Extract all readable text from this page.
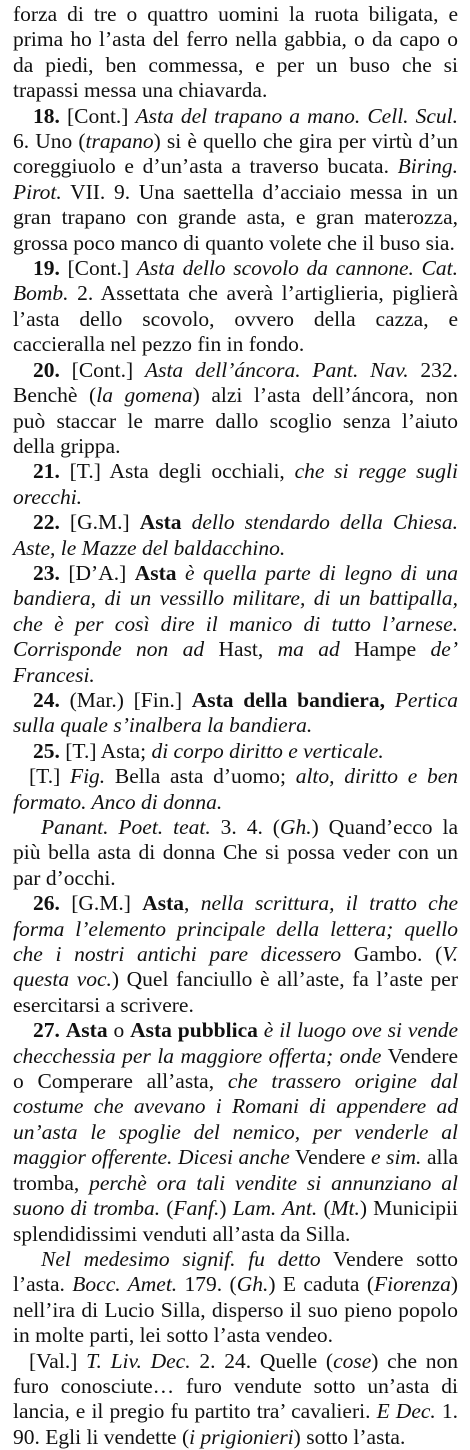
forza di tre o quattro uomini la ruota biligata, e prima ho l’asta del ferro nella gabbia, o da capo o da piedi, ben commessa, e per un buso che si trapassi messa una chiavarda.

18. [Cont.] Asta del trapano a mano. Cell. Scul. 6. Uno (trapano) si è quello che gira per virtù d’un coreggiuolo e d’un’asta a traverso bucata. Biring. Pirot. VII. 9. Una saettella d’acciaio messa in un gran trapano con grande asta, e gran materozza, grossa poco manco di quanto volete che il buso sia.

19. [Cont.] Asta dello scovolo da cannone. Cat. Bomb. 2. Assettata che averà l’artiglieria, piglierà l’asta dello scovolo, ovvero della cazza, e caccieralla nel pezzo fin in fondo.

20. [Cont.] Asta dell’áncora. Pant. Nav. 232. Benchè (la gomena) alzi l’asta dell’áncora, non può staccar le marre dallo scoglio senza l’aiuto della grippa.

21. [T.] Asta degli occhiali, che si regge sugli orecchi.

22. [G.M.] Asta dello stendardo della Chiesa. Aste, le Mazze del baldacchino.

23. [D’A.] Asta è quella parte di legno di una bandiera, di un vessillo militare, di un battipalla, che è per così dire il manico di tutto l’arnese. Corrisponde non ad Hast, ma ad Hampe de’ Francesi.

24. (Mar.) [Fin.] Asta della bandiera, Pertica sulla quale s’inalbera la bandiera.

25. [T.] Asta; di corpo diritto e verticale.

[T.] Fig. Bella asta d’uomo; alto, diritto e ben formato. Anco di donna.

Panant. Poet. teat. 3. 4. (Gh.) Quand’ecco la più bella asta di donna Che si possa veder con un par d’occhi.

26. [G.M.] Asta, nella scrittura, il tratto che forma l’elemento principale della lettera; quello che i nostri antichi pare dicessero Gambo. (V. questa voc.) Quel fanciullo è all’aste, fa l’aste per esercitarsi a scrivere.

27. Asta o Asta pubblica è il luogo ove si vende checchessia per la maggiore offerta; onde Vendere o Comperare all’asta, che trassero origine dal costume che avevano i Romani di appendere ad un’asta le spoglie del nemico, per venderle al maggior offerente. Dicesi anche Vendere e sim. alla tromba, perchè ora tali vendite si annunziano al suono di tromba. (Fanf.) Lam. Ant. (Mt.) Municipii splendidissimi venduti all’asta da Silla.

Nel medesimo signif. fu detto Vendere sotto l’asta. Bocc. Amet. 179. (Gh.) E caduta (Fiorenza) nell’ira di Lucio Silla, disperso il suo pieno popolo in molte parti, lei sotto l’asta vendeo.

[Val.] T. Liv. Dec. 2. 24. Quelle (cose) che non furo conosciute… furo vendute sotto un’asta di lancia, e il pregio fu partito tra’ cavalieri. E Dec. 1. 90. Egli li vendette (i prigionieri) sotto l’asta.
